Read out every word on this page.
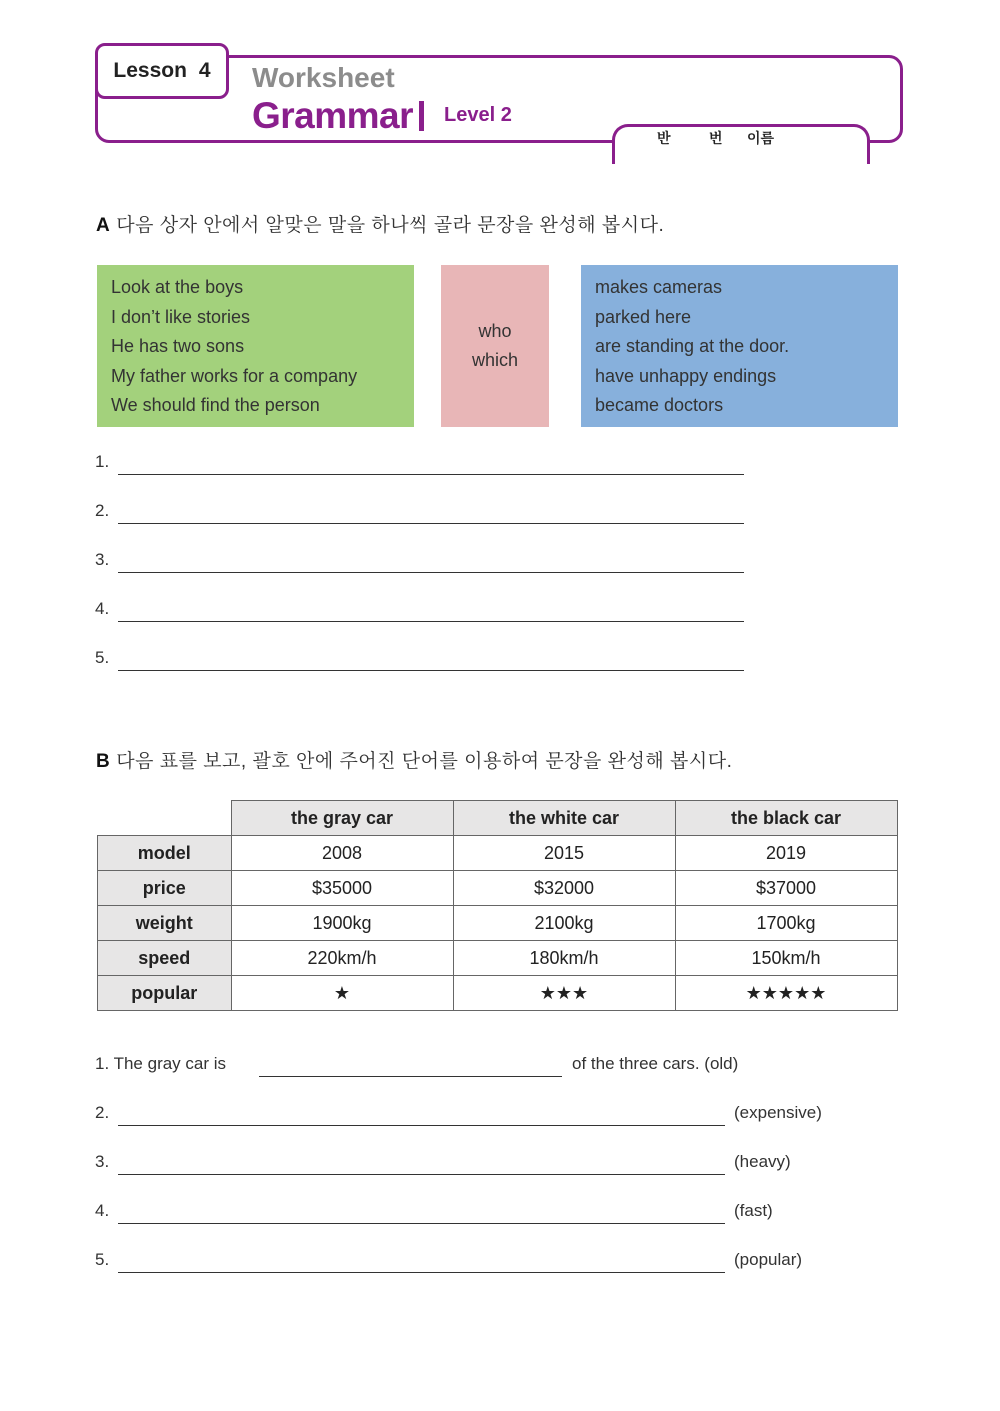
Lesson 4 Worksheet
Grammar Level 2
반	번 이름
A 다음 상자 안에서 알맞은 말을 하나씩 골라 문장을 완성해 봅시다.
Look at the boys
I don’t like stories
He has two sons
My father works for a company
We should find the person
who
which
makes cameras
parked here
are standing at the door.
have unhappy endings
became doctors
1.
2.
3.
4.
5.
B 다음 표를 보고, 괄호 안에 주어진 단어를 이용하여 문장을 완성해 봅시다.
	the gray car	the white car	the black car
model	2008	2015	2019
price	$35000	$32000	$37000
weight	1900kg	2100kg	1700kg
speed	220km/h	180km/h	150km/h
popular	★	★★★	★★★★★
1. The gray car is	of the three cars. (old)
2.	(expensive)
3.	(heavy)
4.	(fast)
5.	(popular)
